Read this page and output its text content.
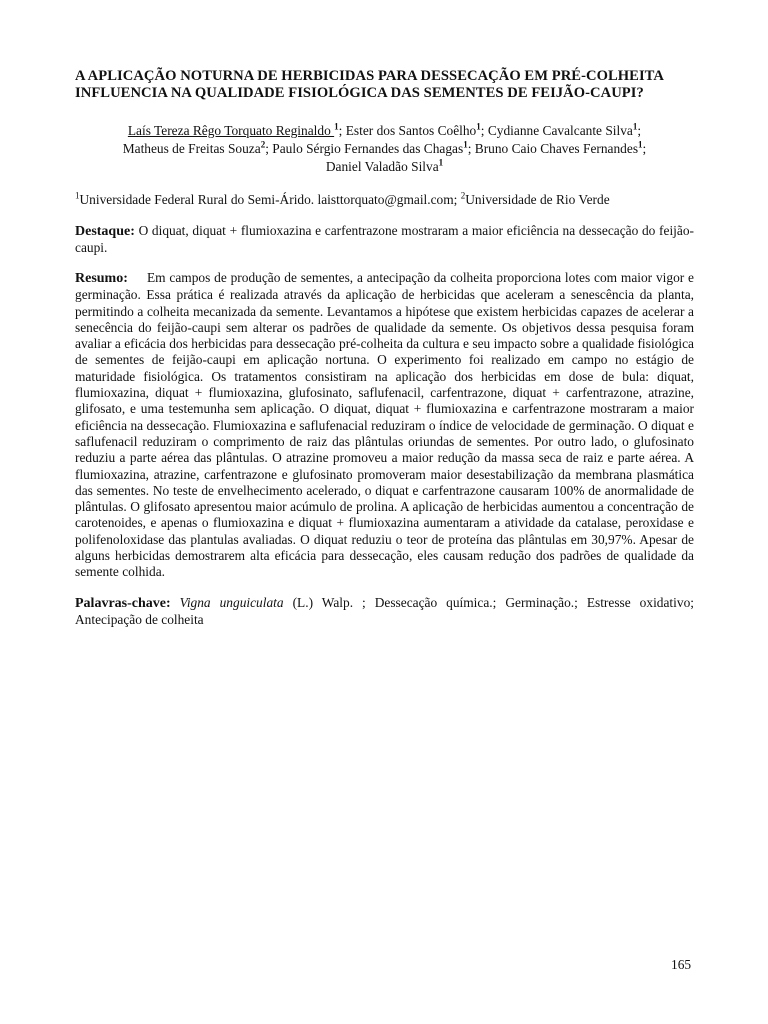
A APLICAÇÃO NOTURNA DE HERBICIDAS PARA DESSECAÇÃO EM PRÉ-COLHEITA INFLUENCIA NA QUALIDADE FISIOLÓGICA DAS SEMENTES DE FEIJÃO-CAUPI?
Laís Tereza Rêgo Torquato Reginaldo $^1$; Ester dos Santos Coêlho$^1$; Cydianne Cavalcante Silva$^1$;
Matheus de Freitas Souza$^2$; Paulo Sérgio Fernandes das Chagas$^1$; Bruno Caio Chaves Fernandes$^1$;
Daniel Valadão Silva$^1$
$^1$Universidade Federal Rural do Semi-Árido. laisttorquato@gmail.com; $^2$Universidade de Rio Verde

Destaque: O diquat, diquat + flumioxazina e carfentrazone mostraram a maior eficiência na dessecação do feijão-caupi.

Resumo: Em campos de produção de sementes, a antecipação da colheita proporciona lotes com maior vigor e germinação. Essa prática é realizada através da aplicação de herbicidas que aceleram a senescência da planta, permitindo a colheita mecanizada da semente. Levantamos a hipótese que existem herbicidas capazes de acelerar a senecência do feijão-caupi sem alterar os padrões de qualidade da semente. Os objetivos dessa pesquisa foram avaliar a eficácia dos herbicidas para dessecação pré-colheita da cultura e seu impacto sobre a qualidade fisiológica de sementes de feijão-caupi em aplicação nortuna. O experimento foi realizado em campo no estágio de maturidade fisiológica. Os tratamentos consistiram na aplicação dos herbicidas em dose de bula: diquat, flumioxazina, diquat + flumioxazina, glufosinato, saflufenacil, carfentrazone, diquat + carfentrazone, atrazine, glifosato, e uma testemunha sem aplicação. O diquat, diquat + flumioxazina e carfentrazone mostraram a maior eficiência na dessecação. Flumioxazina e saflufenacial reduziram o índice de velocidade de germinação. O diquat e saflufenacil reduziram o comprimento de raiz das plântulas oriundas de sementes. Por outro lado, o glufosinato reduziu a parte aérea das plântulas. O atrazine promoveu a maior redução da massa seca de raiz e parte aérea. A flumioxazina, atrazine, carfentrazone e glufosinato promoveram maior desestabilização da membrana plasmática das sementes. No teste de envelhecimento acelerado, o diquat e carfentrazone causaram 100% de anormalidade de plântulas. O glifosato apresentou maior acúmulo de prolina. A aplicação de herbicidas aumentou a concentração de carotenoides, e apenas o flumioxazina e diquat + flumioxazina aumentaram a atividade da catalase, peroxidase e polifenoloxidase das plantulas avaliadas. O diquat reduziu o teor de proteína das plântulas em 30,97%. Apesar de alguns herbicidas demostrarem alta eficácia para dessecação, eles causam redução dos padrões de qualidade da semente colhida.

Palavras-chave: Vigna unguiculata (L.) Walp. ; Dessecação química.; Germinação.; Estresse oxidativo; Antecipação de colheita

165
